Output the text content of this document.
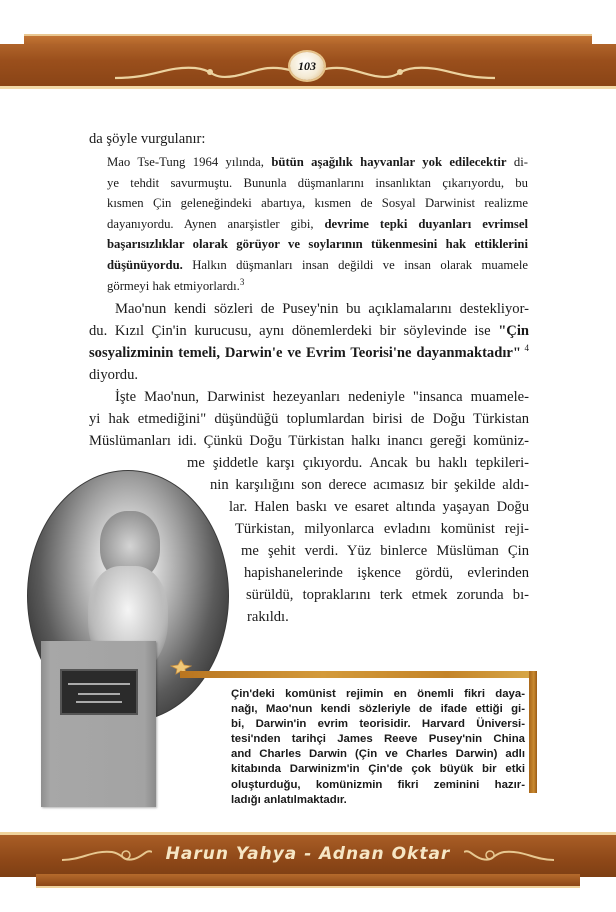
103
da şöyle vurgulanır:
Mao Tse-Tung 1964 yılında, bütün aşağılık hayvanlar yok edilecektir di-
ye tehdit savurmuştu. Bununla düşmanlarını insanlıktan çıkarıyordu, bu
kısmen Çin geleneğindeki abartıya, kısmen de Sosyal Darwinist realizme
dayanıyordu. Aynen anarşistler gibi, devrime tepki duyanları evrimsel
başarısızlıklar olarak görüyor ve soylarının tükenmesini hak ettiklerini
düşünüyordu. Halkın düşmanları insan değildi ve insan olarak muamele
görmeyi hak etmiyorlardı.$^3$
Mao'nun kendi sözleri de Pusey'nin bu açıklamalarını destekliyor-
du. Kızıl Çin'in kurucusu, aynı dönemlerdeki bir söylevinde ise "Çin
sosyalizminin temeli, Darwin'e ve Evrim Teorisi'ne dayanmaktadır" $^4$
diyordu.
İşte Mao'nun, Darwinist hezeyanları nedeniyle "insanca muamele-
yi hak etmediğini" düşündüğü toplumlardan birisi de Doğu Türkistan
Müslümanları idi. Çünkü Doğu Türkistan halkı inancı gereği komüniz-
me şiddetle karşı çıkıyordu. Ancak bu haklı tepkileri-
nin karşılığını son derece acımasız bir şekilde aldı-
lar. Halen baskı ve esaret altında yaşayan Doğu
Türkistan, milyonlarca evladını komünist reji-
me şehit verdi. Yüz binlerce Müslüman Çin
hapishanelerinde işkence gördü, evlerinden
sürüldü, topraklarını terk etmek zorunda bı-
rakıldı.
Çin'deki komünist rejimin en önemli fikri daya-
nağı, Mao'nun kendi sözleriyle de ifade ettiği gi-
bi, Darwin'in evrim teorisidir. Harvard Üniversi-
tesi'nden tarihçi James Reeve Pusey'nin China
and Charles Darwin (Çin ve Charles Darwin) adlı
kitabında Darwinizm'in Çin'de çok büyük bir etki
oluşturduğu, komünizmin fikri zeminini hazır-
ladığı anlatılmaktadır.
Harun Yahya - Adnan Oktar
